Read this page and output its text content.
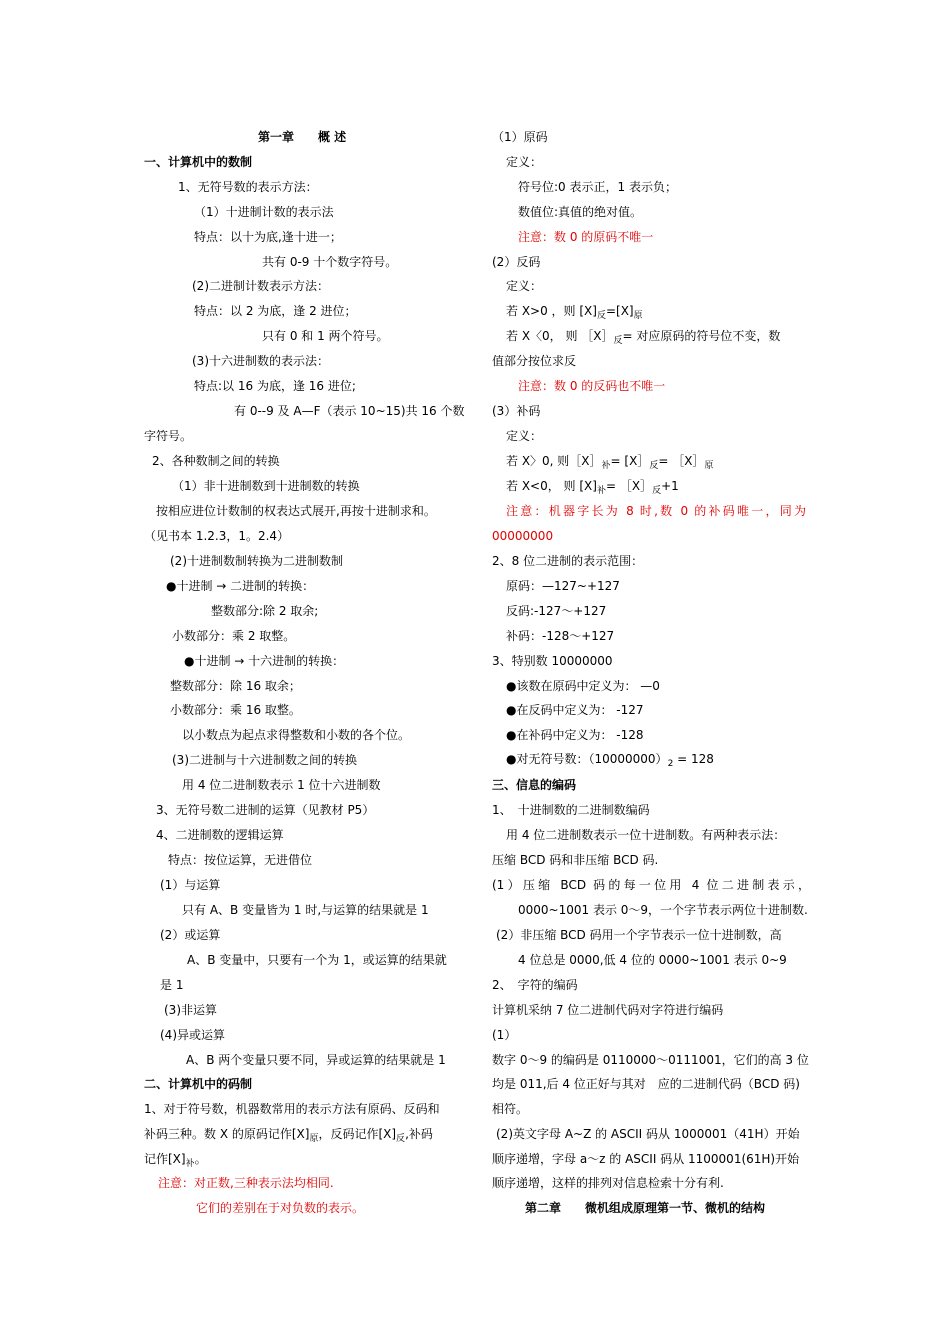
第一章　　概 述
一、计算机中的数制
1、无符号数的表示方法：
（1）十进制计数的表示法
特点：以十为底,逢十进一；
共有 0-9 十个数字符号。
(2)二进制计数表示方法：
特点：以 2 为底，逢 2 进位；
只有 0 和 1 两个符号。
(3)十六进制数的表示法：
特点:以 16 为底，逢 16 进位;
有 0--9 及 A—F（表示 10~15)共 16 个数
字符号。
2、各种数制之间的转换
（1）非十进制数到十进制数的转换
按相应进位计数制的权表达式展开,再按十进制求和。
（见书本 1.2.3，1。2.4）
(2)十进制数制转换为二进制数制
●十进制 → 二进制的转换：
整数部分:除 2 取余;
小数部分：乘 2 取整。
●十进制 → 十六进制的转换：
整数部分：除 16 取余；
小数部分：乘 16 取整。
以小数点为起点求得整数和小数的各个位。
(3)二进制与十六进制数之间的转换
用 4 位二进制数表示 1 位十六进制数
3、无符号数二进制的运算（见教材 P5）
4、二进制数的逻辑运算
特点：按位运算，无进借位
(1）与运算
只有 A、B 变量皆为 1 时,与运算的结果就是 1
(2）或运算
A、B 变量中，只要有一个为 1，或运算的结果就
是 1
(3)非运算
(4)异或运算
A、B 两个变量只要不同，异或运算的结果就是 1
二、计算机中的码制
1、对于符号数，机器数常用的表示方法有原码、反码和
补码三种。数 X 的原码记作$[X]_原$，反码记作$[X]_反$,补码
记作$[X]_补$。
注意：对正数,三种表示法均相同.
它们的差别在于对负数的表示。
（1）原码
定义：
符号位:0 表示正，1 表示负；
数值位:真值的绝对值。
注意：数 0 的原码不唯一
(2）反码
定义：
若 X>0 ，则 $[X]_反=[X]_原$
若 X〈0， 则 $[X]_反=$ 对应原码的符号位不变，数
值部分按位求反
注意：数 0 的反码也不唯一
(3）补码
定义：
若 X〉0, 则$[X]_补=$ [$X]_反=$ $[X]_原$
若 X<0， 则 $[X]_补=$ $[X]_反+1$
注意：机器字长为 8 时,数 0 的补码唯一，同为
00000000
2、8 位二进制的表示范围：
原码：—127~+127
反码:-127～+127
补码：-128～+127
3、特别数 10000000
●该数在原码中定义为： —0
●在反码中定义为： -127
●在补码中定义为： -128
●对无符号数：$(10000000)_2 = 128$
三、信息的编码
1、　十进制数的二进制数编码
用 4 位二进制数表示一位十进制数。有两种表示法：
压缩 BCD 码和非压缩 BCD 码.
(1）压缩 BCD 码的每一位用 4 位二进制表示，
0000~1001 表示 0～9，一个字节表示两位十进制数.
(2）非压缩 BCD 码用一个字节表示一位十进制数，高
4 位总是 0000,低 4 位的 0000~1001 表示 0~9
2、　字符的编码
计算机采纳 7 位二进制代码对字符进行编码
(1）
数字 0～9 的编码是 0110000～0111001，它们的高 3 位
均是 011,后 4 位正好与其对　应的二进制代码（BCD 码)
相符。
(2)英文字母 A~Z 的 ASCII 码从 1000001（41H）开始
顺序递增，字母 a～z 的 ASCII 码从 1100001(61H)开始
顺序递增，这样的排列对信息检索十分有利.
第二章　　微机组成原理第一节、微机的结构
